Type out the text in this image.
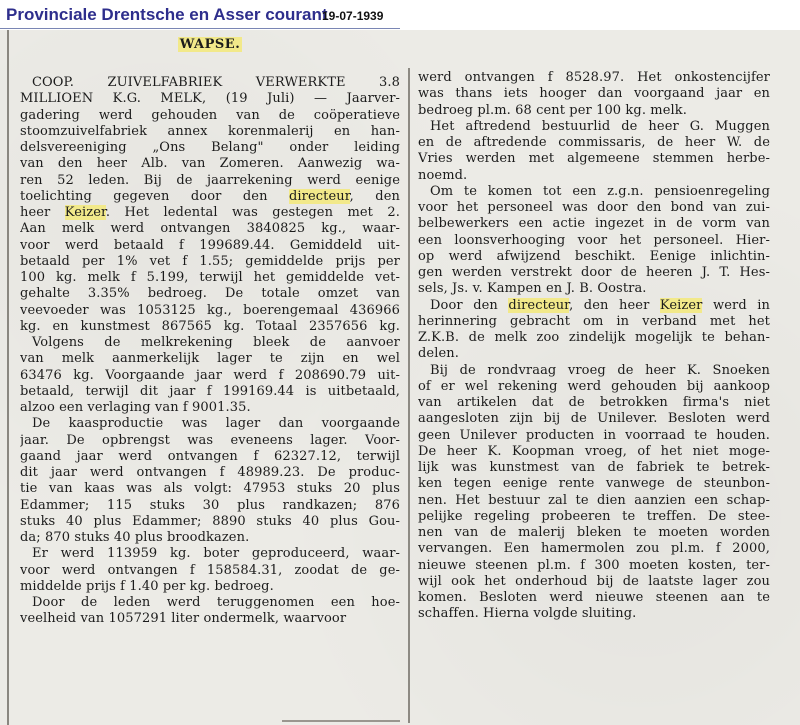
Provinciale Drentsche en Asser courant
19-07-1939
WAPSE.
COÖP. ZUIVELFABRIEK VERWERKTE 3.8
MILLIOEN K.G. MELK, (19 Juli) — Jaarver-
gadering werd gehouden van de coöperatieve
stoomzuivelfabriek annex korenmalerij en han-
delsvereeniging „Ons Belang" onder leiding
van den heer Alb. van Zomeren. Aanwezig wa-
ren 52 leden. Bij de jaarrekening werd eenige
toelichting gegeven door den directeur, den
heer Keizer. Het ledental was gestegen met 2.
Aan melk werd ontvangen 3840825 kg., waar-
voor werd betaald f 199689.44. Gemiddeld uit-
betaald per 1% vet f 1.55; gemiddelde prijs per
100 kg. melk f 5.199, terwijl het gemiddelde vet-
gehalte 3.35% bedroeg. De totale omzet van
veevoeder was 1053125 kg., boerengemaal 436966
kg. en kunstmest 867565 kg. Totaal 2357656 kg.
Volgens de melkrekening bleek de aanvoer
van melk aanmerkelijk lager te zijn en wel
63476 kg. Voorgaande jaar werd f 208690.79 uit-
betaald, terwijl dit jaar f 199169.44 is uitbetaald,
alzoo een verlaging van f 9001.35.
De kaasproductie was lager dan voorgaande
jaar. De opbrengst was eveneens lager. Voor-
gaand jaar werd ontvangen f 62327.12, terwijl
dit jaar werd ontvangen f 48989.23. De produc-
tie van kaas was als volgt: 47953 stuks 20 plus
Edammer; 115 stuks 30 plus randkazen; 876
stuks 40 plus Edammer; 8890 stuks 40 plus Gou-
da; 870 stuks 40 plus broodkazen.
Er werd 113959 kg. boter geproduceerd, waar-
voor werd ontvangen f 158584.31, zoodat de ge-
middelde prijs f 1.40 per kg. bedroeg.
Door de leden werd teruggenomen een hoe-
veelheid van 1057291 liter ondermelk, waarvoor
werd ontvangen f 8528.97. Het onkostencijfer
was thans iets hooger dan voorgaand jaar en
bedroeg pl.m. 68 cent per 100 kg. melk.
Het aftredend bestuurlid de heer G. Muggen
en de aftredende commissaris, de heer W. de
Vries werden met algemeene stemmen herbe-
noemd.
Om te komen tot een z.g.n. pensioenregeling
voor het personeel was door den bond van zui-
belbewerkers een actie ingezet in de vorm van
een loonsverhooging voor het personeel. Hier-
op werd afwijzend beschikt. Eenige inlichtin-
gen werden verstrekt door de heeren J. T. Hes-
sels, Js. v. Kampen en J. B. Oostra.
Door den directeur, den heer Keizer werd in
herinnering gebracht om in verband met het
Z.K.B. de melk zoo zindelijk mogelijk te behan-
delen.
Bij de rondvraag vroeg de heer K. Snoeken
of er wel rekening werd gehouden bij aankoop
van artikelen dat de betrokken firma's niet
aangesloten zijn bij de Unilever. Besloten werd
geen Unilever producten in voorraad te houden.
De heer K. Koopman vroeg, of het niet moge-
lijk was kunstmest van de fabriek te betrek-
ken tegen eenige rente vanwege de steunbon-
nen. Het bestuur zal te dien aanzien een schap-
pelijke regeling probeeren te treffen. De stee-
nen van de malerij bleken te moeten worden
vervangen. Een hamermolen zou pl.m. f 2000,
nieuwe steenen pl.m. f 300 moeten kosten, ter-
wijl ook het onderhoud bij de laatste lager zou
komen. Besloten werd nieuwe steenen aan te
schaffen. Hierna volgde sluiting.
